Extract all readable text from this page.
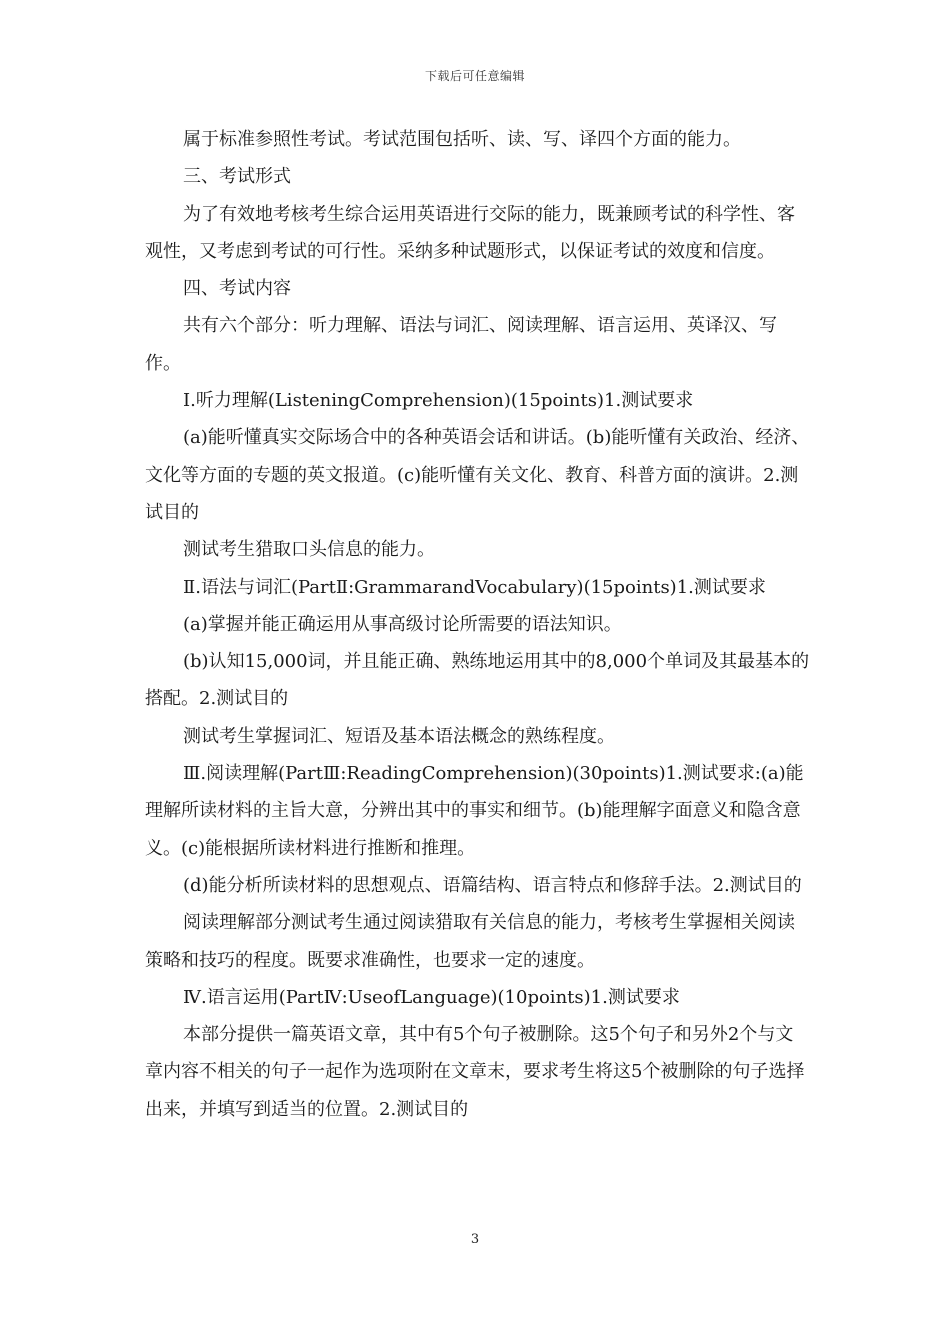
下载后可任意编辑

属于标准参照性考试。考试范围包括听、读、写、译四个方面的能力。

三、考试形式

为了有效地考核考生综合运用英语进行交际的能力，既兼顾考试的科学性、客观性，又考虑到考试的可行性。采纳多种试题形式，以保证考试的效度和信度。

四、考试内容

共有六个部分：听力理解、语法与词汇、阅读理解、语言运用、英译汉、写作。

Ⅰ.听力理解(ListeningComprehension)(15points)1.测试要求

(a)能听懂真实交际场合中的各种英语会话和讲话。(b)能听懂有关政治、经济、文化等方面的专题的英文报道。(c)能听懂有关文化、教育、科普方面的演讲。2.测试目的

测试考生猎取口头信息的能力。

Ⅱ.语法与词汇(PartⅡ:GrammarandVocabulary)(15points)1.测试要求

(a)掌握并能正确运用从事高级讨论所需要的语法知识。

(b)认知15,000词，并且能正确、熟练地运用其中的8,000个单词及其最基本的搭配。2.测试目的

测试考生掌握词汇、短语及基本语法概念的熟练程度。

Ⅲ.阅读理解(PartⅢ:ReadingComprehension)(30points)1.测试要求:(a)能理解所读材料的主旨大意，分辨出其中的事实和细节。(b)能理解字面意义和隐含意义。(c)能根据所读材料进行推断和推理。

(d)能分析所读材料的思想观点、语篇结构、语言特点和修辞手法。2.测试目的

阅读理解部分测试考生通过阅读猎取有关信息的能力，考核考生掌握相关阅读策略和技巧的程度。既要求准确性，也要求一定的速度。

Ⅳ.语言运用(PartⅣ:UseofLanguage)(10points)1.测试要求

本部分提供一篇英语文章，其中有5个句子被删除。这5个句子和另外2个与文章内容不相关的句子一起作为选项附在文章末，要求考生将这5个被删除的句子选择出来，并填写到适当的位置。2.测试目的

3
